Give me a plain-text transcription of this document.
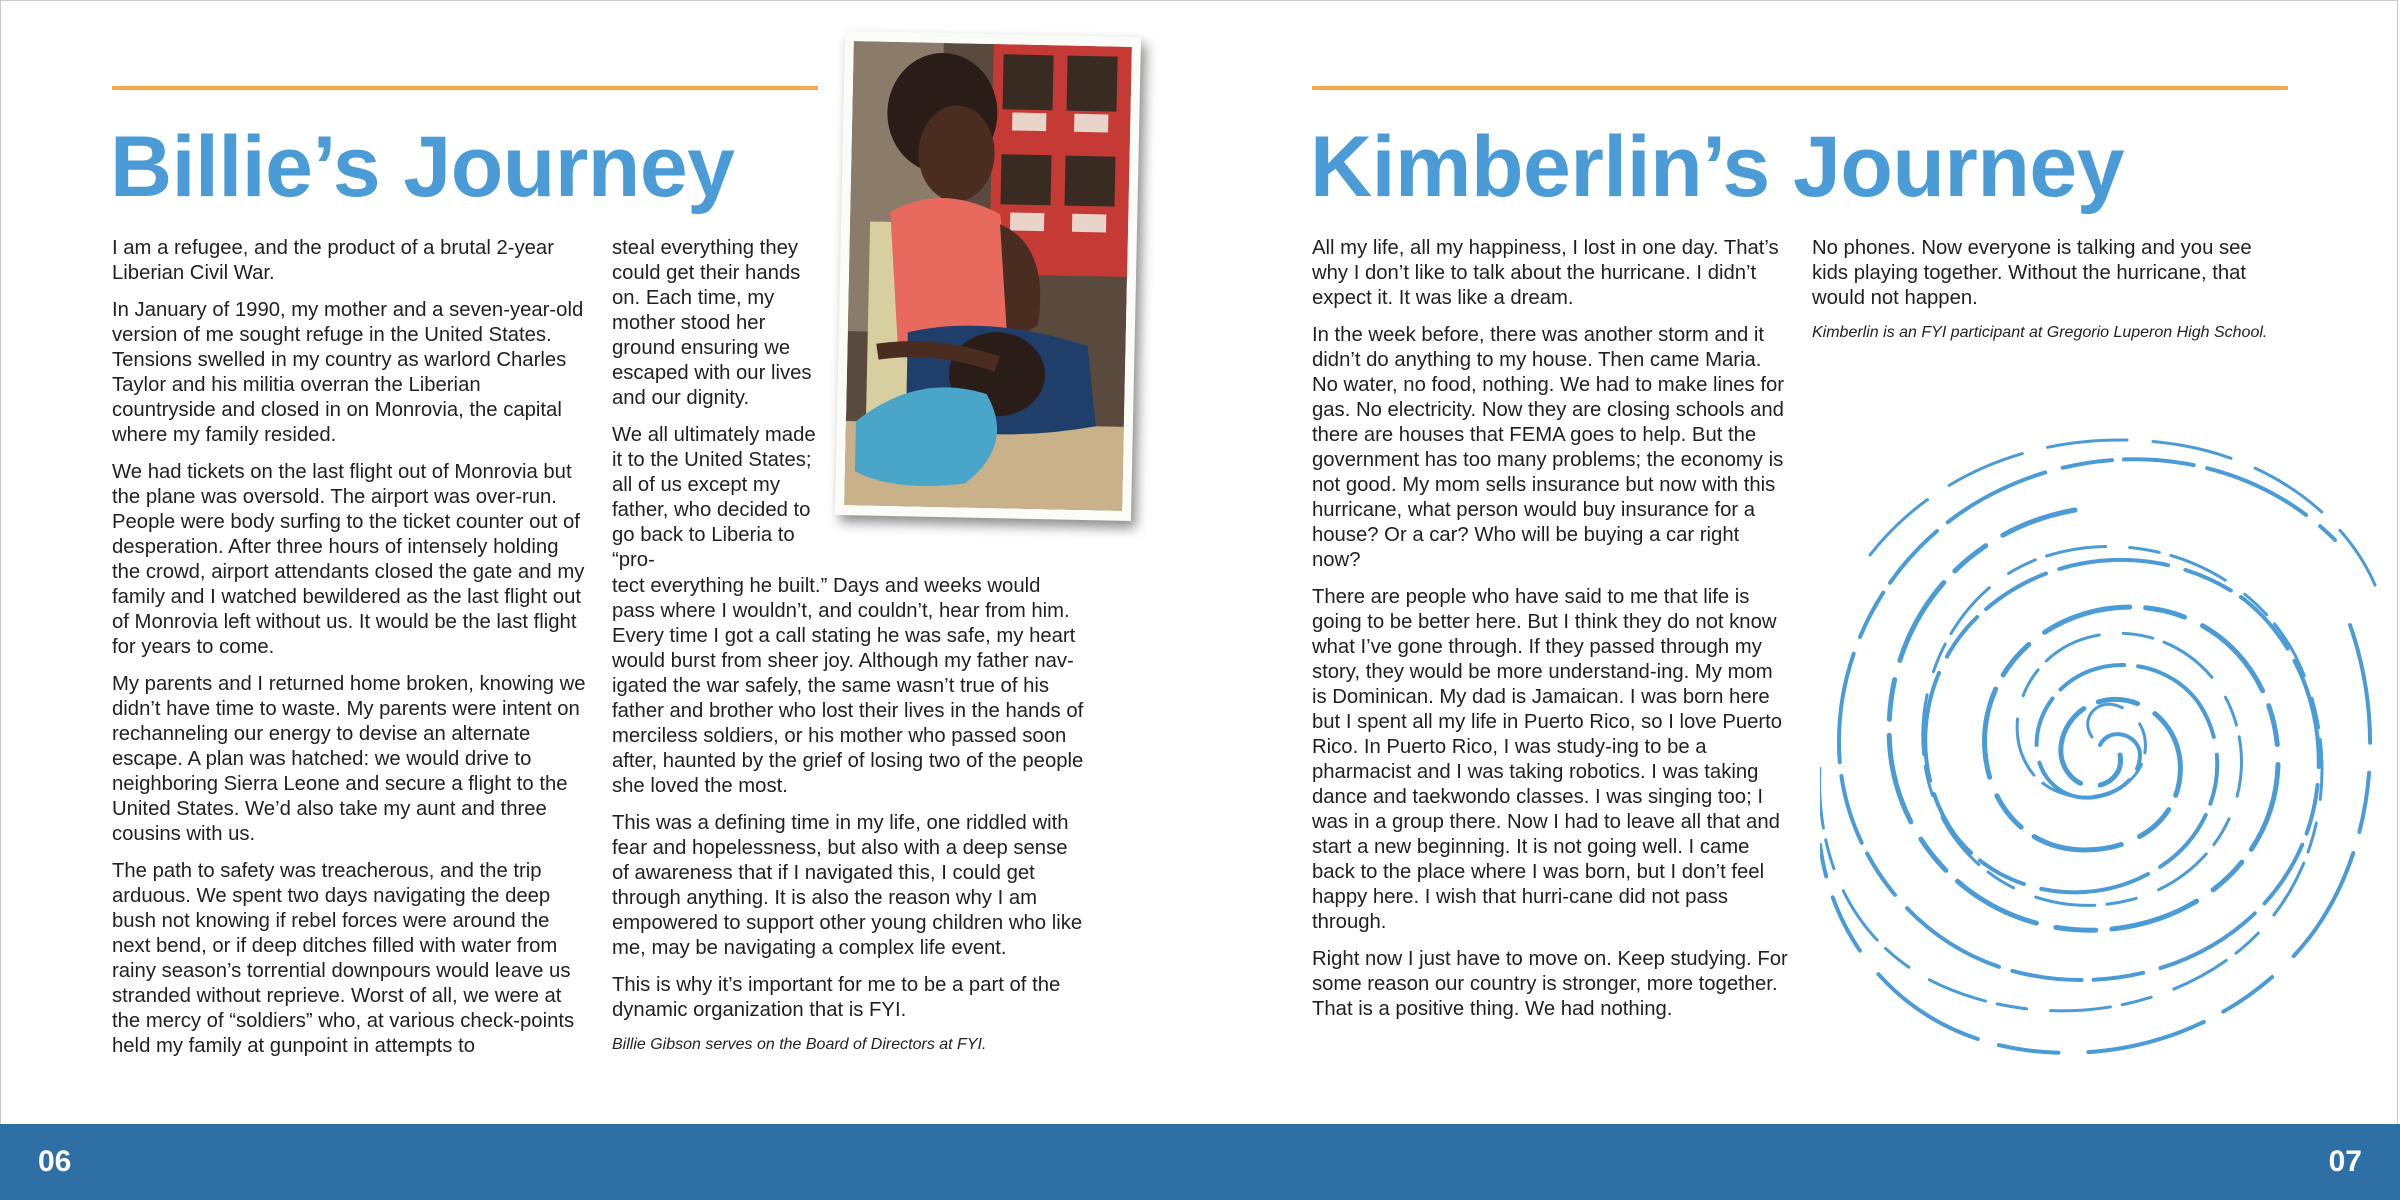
Billie’s Journey

I am a refugee, and the product of a brutal 2-year Liberian Civil War.

In January of 1990, my mother and a seven-year-old version of me sought refuge in the United States. Tensions swelled in my country as warlord Charles Taylor and his militia overran the Liberian countryside and closed in on Monrovia, the capital where my family resided.

We had tickets on the last flight out of Monrovia but the plane was oversold. The airport was over-run. People were body surfing to the ticket counter out of desperation. After three hours of intensely holding the crowd, airport attendants closed the gate and my family and I watched bewildered as the last flight out of Monrovia left without us. It would be the last flight for years to come.

My parents and I returned home broken, knowing we didn’t have time to waste. My parents were intent on rechanneling our energy to devise an alternate escape. A plan was hatched: we would drive to neighboring Sierra Leone and secure a flight to the United States. We’d also take my aunt and three cousins with us.

The path to safety was treacherous, and the trip arduous. We spent two days navigating the deep bush not knowing if rebel forces were around the next bend, or if deep ditches filled with water from rainy season’s torrential downpours would leave us stranded without reprieve. Worst of all, we were at the mercy of “soldiers” who, at various check-points held my family at gunpoint in attempts to

steal everything they could get their hands on. Each time, my mother stood her ground ensuring we escaped with our lives and our dignity.

We all ultimately made it to the United States; all of us except my father, who decided to go back to Liberia to “pro-

tect everything he built.” Days and weeks would pass where I wouldn’t, and couldn’t, hear from him. Every time I got a call stating he was safe, my heart would burst from sheer joy. Although my father nav-igated the war safely, the same wasn’t true of his father and brother who lost their lives in the hands of merciless soldiers, or his mother who passed soon after, haunted by the grief of losing two of the people she loved the most.

This was a defining time in my life, one riddled with fear and hopelessness, but also with a deep sense of awareness that if I navigated this, I could get through anything. It is also the reason why I am empowered to support other young children who like me, may be navigating a complex life event.

This is why it’s important for me to be a part of the dynamic organization that is FYI.

Billie Gibson serves on the Board of Directors at FYI.

Kimberlin’s Journey

All my life, all my happiness, I lost in one day. That’s why I don’t like to talk about the hurricane. I didn’t expect it. It was like a dream.

In the week before, there was another storm and it didn’t do anything to my house. Then came Maria. No water, no food, nothing. We had to make lines for gas. No electricity. Now they are closing schools and there are houses that FEMA goes to help. But the government has too many problems; the economy is not good. My mom sells insurance but now with this hurricane, what person would buy insurance for a house? Or a car? Who will be buying a car right now?

There are people who have said to me that life is going to be better here. But I think they do not know what I’ve gone through. If they passed through my story, they would be more understand-ing. My mom is Dominican. My dad is Jamaican. I was born here but I spent all my life in Puerto Rico, so I love Puerto Rico. In Puerto Rico, I was study-ing to be a pharmacist and I was taking robotics. I was taking dance and taekwondo classes. I was singing too; I was in a group there. Now I had to leave all that and start a new beginning. It is not going well. I came back to the place where I was born, but I don’t feel happy here. I wish that hurri-cane did not pass through.

Right now I just have to move on. Keep studying. For some reason our country is stronger, more together. That is a positive thing. We had nothing.

No phones. Now everyone is talking and you see kids playing together. Without the hurricane, that would not happen.

Kimberlin is an FYI participant at Gregorio Luperon High School.

06	07
